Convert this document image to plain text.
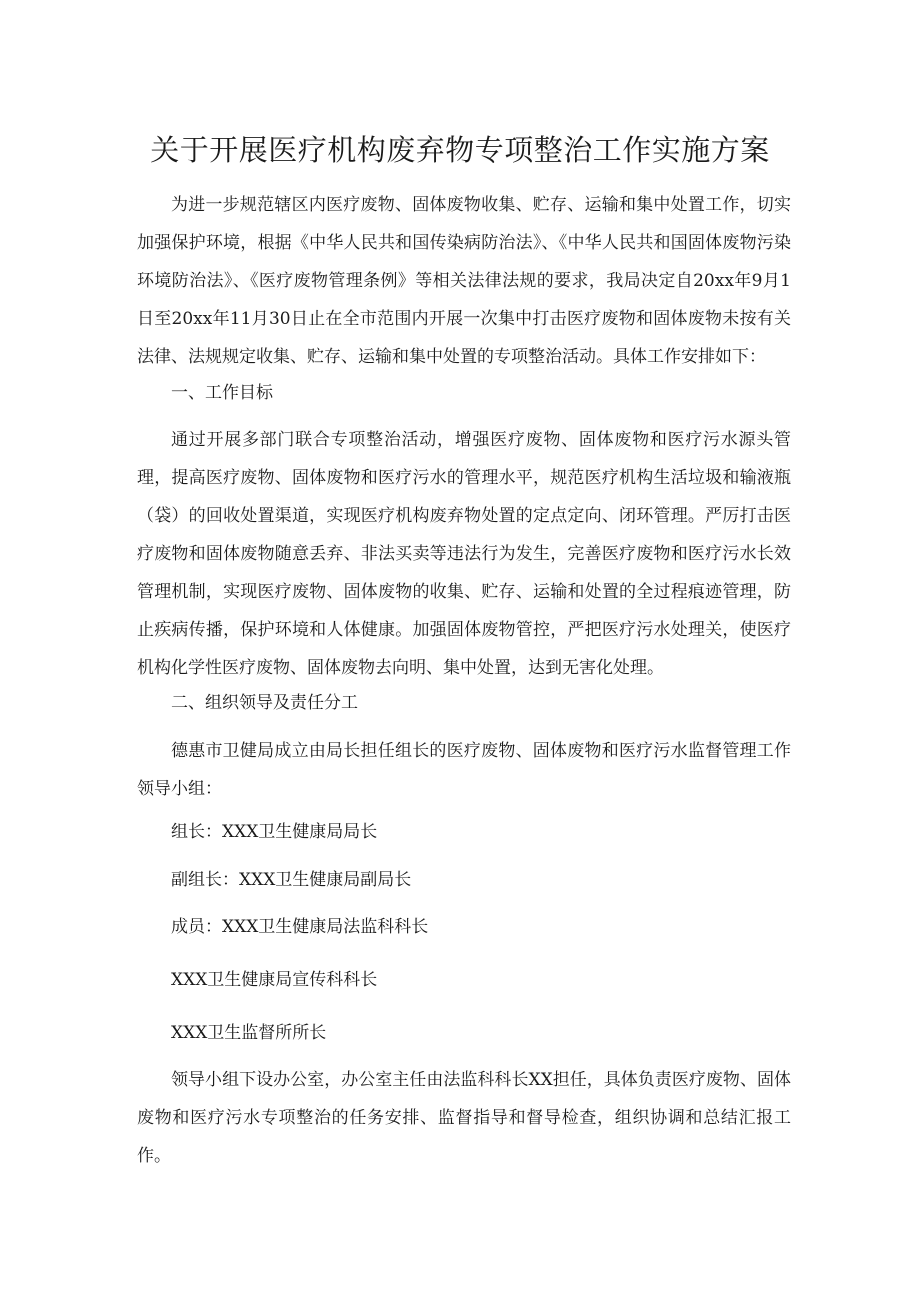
关于开展医疗机构废弃物专项整治工作实施方案

为进一步规范辖区内医疗废物、固体废物收集、贮存、运输和集中处置工作，切实加强保护环境，根据《中华人民共和国传染病防治法》、《中华人民共和国固体废物污染环境防治法》、《医疗废物管理条例》等相关法律法规的要求，我局决定自20xx年9月1日至20xx年11月30日止在全市范围内开展一次集中打击医疗废物和固体废物未按有关法律、法规规定收集、贮存、运输和集中处置的专项整治活动。具体工作安排如下：

一、工作目标

通过开展多部门联合专项整治活动，增强医疗废物、固体废物和医疗污水源头管理，提高医疗废物、固体废物和医疗污水的管理水平，规范医疗机构生活垃圾和输液瓶（袋）的回收处置渠道，实现医疗机构废弃物处置的定点定向、闭环管理。严厉打击医疗废物和固体废物随意丢弃、非法买卖等违法行为发生，完善医疗废物和医疗污水长效管理机制，实现医疗废物、固体废物的收集、贮存、运输和处置的全过程痕迹管理，防止疾病传播，保护环境和人体健康。加强固体废物管控，严把医疗污水处理关，使医疗机构化学性医疗废物、固体废物去向明、集中处置，达到无害化处理。

二、组织领导及责任分工

德惠市卫健局成立由局长担任组长的医疗废物、固体废物和医疗污水监督管理工作领导小组：

组长：XXX卫生健康局局长

副组长：XXX卫生健康局副局长

成员：XXX卫生健康局法监科科长

XXX卫生健康局宣传科科长

XXX卫生监督所所长

领导小组下设办公室，办公室主任由法监科科长XX担任，具体负责医疗废物、固体废物和医疗污水专项整治的任务安排、监督指导和督导检查，组织协调和总结汇报工作。
